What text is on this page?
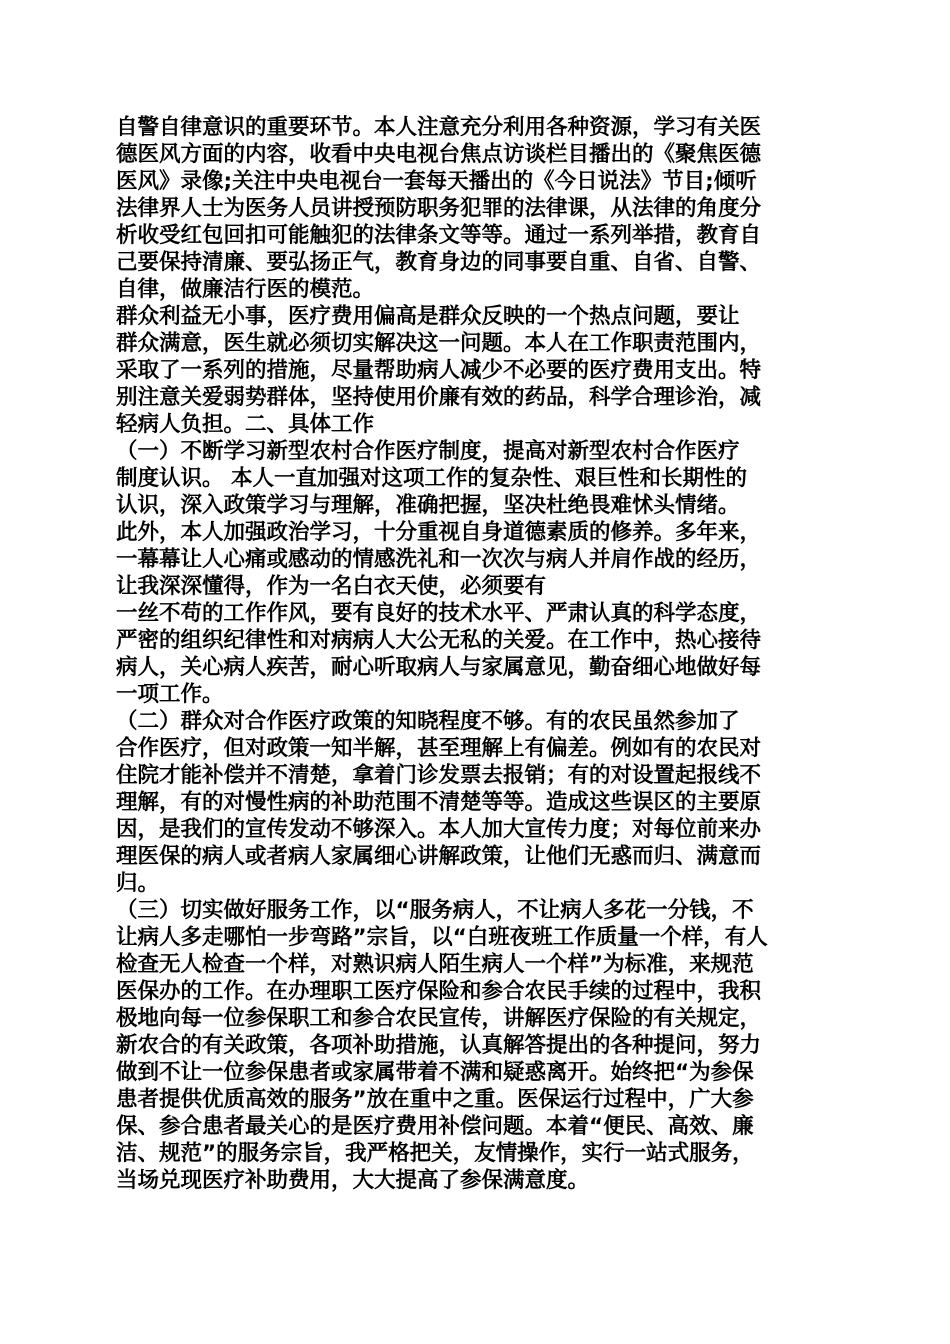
自警自律意识的重要环节。本人注意充分利用各种资源，学习有关医
德医风方面的内容，收看中央电视台焦点访谈栏目播出的《聚焦医德
医风》录像;关注中央电视台一套每天播出的《今日说法》节目;倾听
法律界人士为医务人员讲授预防职务犯罪的法律课，从法律的角度分
析收受红包回扣可能触犯的法律条文等等。通过一系列举措，教育自
己要保持清廉、要弘扬正气，教育身边的同事要自重、自省、自警、
自律，做廉洁行医的模范。
群众利益无小事，医疗费用偏高是群众反映的一个热点问题，要让
群众满意，医生就必须切实解决这一问题。本人在工作职责范围内，
采取了一系列的措施，尽量帮助病人减少不必要的医疗费用支出。特
别注意关爱弱势群体，坚持使用价廉有效的药品，科学合理诊治，减
轻病人负担。二、具体工作
（一）不断学习新型农村合作医疗制度，提高对新型农村合作医疗
制度认识。 本人一直加强对这项工作的复杂性、艰巨性和长期性的
认识，深入政策学习与理解，准确把握，坚决杜绝畏难怵头情绪。
此外，本人加强政治学习，十分重视自身道德素质的修养。多年来，
一幕幕让人心痛或感动的情感洗礼和一次次与病人并肩作战的经历，
让我深深懂得，作为一名白衣天使，必须要有
一丝不苟的工作作风，要有良好的技术水平、严肃认真的科学态度，
严密的组织纪律性和对病病人大公无私的关爱。在工作中，热心接待
病人，关心病人疾苦，耐心听取病人与家属意见，勤奋细心地做好每
一项工作。
（二）群众对合作医疗政策的知晓程度不够。有的农民虽然参加了
合作医疗，但对政策一知半解，甚至理解上有偏差。例如有的农民对
住院才能补偿并不清楚，拿着门诊发票去报销；有的对设置起报线不
理解，有的对慢性病的补助范围不清楚等等。造成这些误区的主要原
因，是我们的宣传发动不够深入。本人加大宣传力度；对每位前来办
理医保的病人或者病人家属细心讲解政策，让他们无惑而归、满意而
归。
（三）切实做好服务工作，以“服务病人，不让病人多花一分钱，不
让病人多走哪怕一步弯路”宗旨，以“白班夜班工作质量一个样，有人
检查无人检查一个样，对熟识病人陌生病人一个样”为标准，来规范
医保办的工作。在办理职工医疗保险和参合农民手续的过程中，我积
极地向每一位参保职工和参合农民宣传，讲解医疗保险的有关规定，
新农合的有关政策，各项补助措施，认真解答提出的各种提问，努力
做到不让一位参保患者或家属带着不满和疑惑离开。始终把“为参保
患者提供优质高效的服务”放在重中之重。医保运行过程中，广大参
保、参合患者最关心的是医疗费用补偿问题。本着“便民、高效、廉
洁、规范”的服务宗旨，我严格把关，友情操作，实行一站式服务，
当场兑现医疗补助费用，大大提高了参保满意度。
